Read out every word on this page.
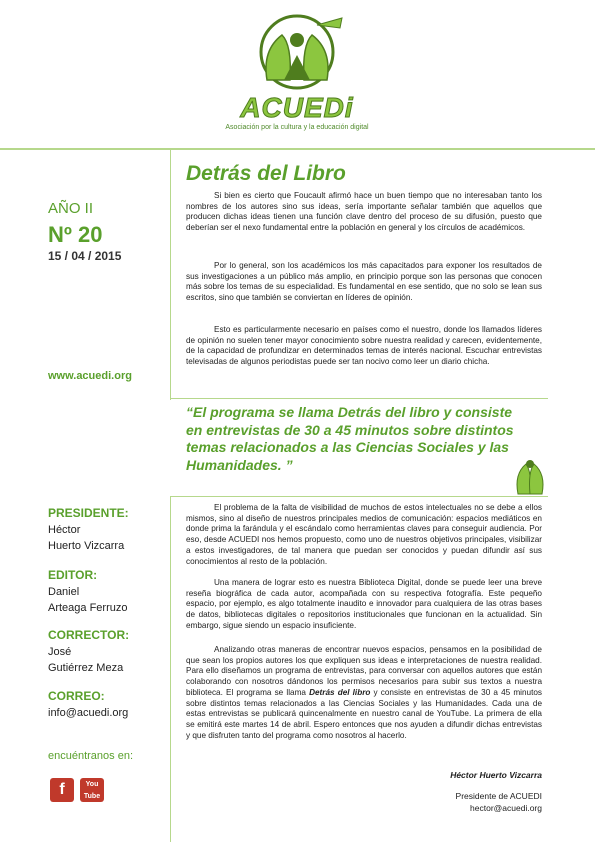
ACUEDi
Asociación por la cultura y la educación digital
AÑO II
Nº 20
15 / 04 / 2015
www.acuedi.org
PRESIDENTE:
Héctor
Huerto Vizcarra
EDITOR:
Daniel
Arteaga Ferruzo
CORRECTOR:
José
Gutiérrez Meza
CORREO:
info@acuedi.org
encuéntranos en:
f	You
Tube
Detrás del Libro

Si bien es cierto que Foucault afirmó hace un buen tiempo que no interesaban tanto los nombres de los autores sino sus ideas, sería importante señalar también que aquellos que producen dichas ideas tienen una función clave dentro del proceso de su difusión, puesto que deberían ser el nexo fundamental entre la población en general y los círculos de académicos.

Por lo general, son los académicos los más capacitados para exponer los resultados de sus investigaciones a un público más amplio, en principio porque son las personas que conocen más sobre los temas de su especialidad. Es fundamental en ese sentido, que no solo se lean sus escritos, sino que también se conviertan en líderes de opinión.

Esto es particularmente necesario en países como el nuestro, donde los llamados líderes de opinión no suelen tener mayor conocimiento sobre nuestra realidad y carecen, evidentemente, de la capacidad de profundizar en determinados temas de interés nacional. Escuchar entrevistas televisadas de algunos periodistas puede ser tan nocivo como leer un diario chicha.

“El programa se llama Detrás del libro y consiste en entrevistas de 30 a 45 minutos sobre distintos temas relacionados a las Ciencias Sociales y las Humanidades. ”

El problema de la falta de visibilidad de muchos de estos intelectuales no se debe a ellos mismos, sino al diseño de nuestros principales medios de comunicación: espacios mediáticos en donde prima la farándula y el escándalo como herramientas claves para conseguir audiencia. Por eso, desde ACUEDI nos hemos propuesto, como uno de nuestros objetivos principales, visibilizar a estos investigadores, de tal manera que puedan ser conocidos y puedan difundir así sus conocimientos al resto de la población.

Una manera de lograr esto es nuestra Biblioteca Digital, donde se puede leer una breve reseña biográfica de cada autor, acompañada con su respectiva fotografía. Este pequeño espacio, por ejemplo, es algo totalmente inaudito e innovador para cualquiera de las otras bases de datos, bibliotecas digitales o repositorios institucionales que funcionan en la actualidad. Sin embargo, sigue siendo un espacio insuficiente.

Analizando otras maneras de encontrar nuevos espacios, pensamos en la posibilidad de que sean los propios autores los que expliquen sus ideas e interpretaciones de nuestra realidad. Para ello diseñamos un programa de entrevistas, para conversar con aquellos autores que están colaborando con nosotros dándonos los permisos necesarios para subir sus textos a nuestra biblioteca. El programa se llama Detrás del libro y consiste en entrevistas de 30 a 45 minutos sobre distintos temas relacionados a las Ciencias Sociales y las Humanidades. Cada una de estas entrevistas se publicará quincenalmente en nuestro canal de YouTube. La primera de ella se emitirá este martes 14 de abril. Espero entonces que nos ayuden a difundir dichas entrevistas y que disfruten tanto del programa como nosotros al hacerlo.

Héctor Huerto Vizcarra
Presidente de ACUEDI
hector@acuedi.org
